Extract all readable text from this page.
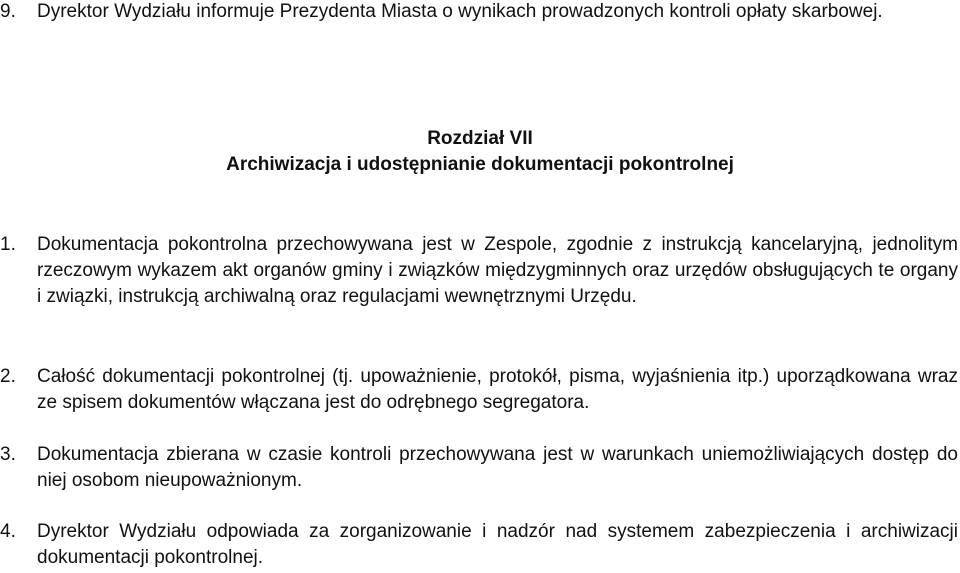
9. Dyrektor Wydziału informuje Prezydenta Miasta o wynikach prowadzonych kontroli opłaty skarbowej.

Rozdział VII

Archiwizacja i udostępnianie dokumentacji pokontrolnej

1. Dokumentacja pokontrolna przechowywana jest w Zespole, zgodnie z instrukcją kancelaryjną, jednolitym rzeczowym wykazem akt organów gminy i związków międzygminnych oraz urzędów obsługujących te organy i związki, instrukcją archiwalną oraz regulacjami wewnętrznymi Urzędu.

2. Całość dokumentacji pokontrolnej (tj. upoważnienie, protokół, pisma, wyjaśnienia itp.) uporządkowana wraz ze spisem dokumentów włączana jest do odrębnego segregatora.

3. Dokumentacja zbierana w czasie kontroli przechowywana jest w warunkach uniemożliwiających dostęp do niej osobom nieupoważnionym.

4. Dyrektor Wydziału odpowiada za zorganizowanie i nadzór nad systemem zabezpieczenia i archiwizacji dokumentacji pokontrolnej.
